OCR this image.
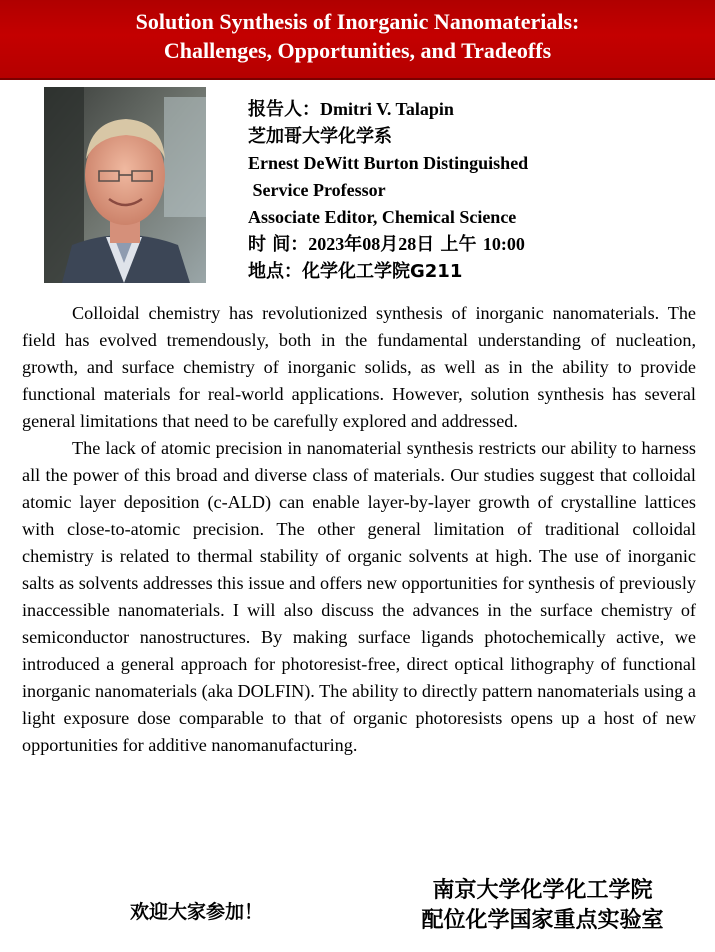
Solution Synthesis of Inorganic Nanomaterials:
Challenges, Opportunities, and Tradeoffs
报告人：Dmitri V. Talapin
芝加哥大学化学系
Ernest DeWitt Burton Distinguished
Service Professor
Associate Editor, Chemical Science
时 间：2023年08月28日 上午 10:00
地点：化学化工学院G211

Colloidal chemistry has revolutionized synthesis of inorganic nanomaterials. The field has evolved tremendously, both in the fundamental understanding of nucleation, growth, and surface chemistry of inorganic solids, as well as in the ability to provide functional materials for real-world applications. However, solution synthesis has several general limitations that need to be carefully explored and addressed.

The lack of atomic precision in nanomaterial synthesis restricts our ability to harness all the power of this broad and diverse class of materials. Our studies suggest that colloidal atomic layer deposition (c-ALD) can enable layer-by-layer growth of crystalline lattices with close-to-atomic precision. The other general limitation of traditional colloidal chemistry is related to thermal stability of organic solvents at high. The use of inorganic salts as solvents addresses this issue and offers new opportunities for synthesis of previously inaccessible nanomaterials. I will also discuss the advances in the surface chemistry of semiconductor nanostructures. By making surface ligands photochemically active, we introduced a general approach for photoresist-free, direct optical lithography of functional inorganic nanomaterials (aka DOLFIN). The ability to directly pattern nanomaterials using a light exposure dose comparable to that of organic photoresists opens up a host of new opportunities for additive nanomanufacturing.

欢迎大家参加！
南京大学化学化工学院
配位化学国家重点实验室
